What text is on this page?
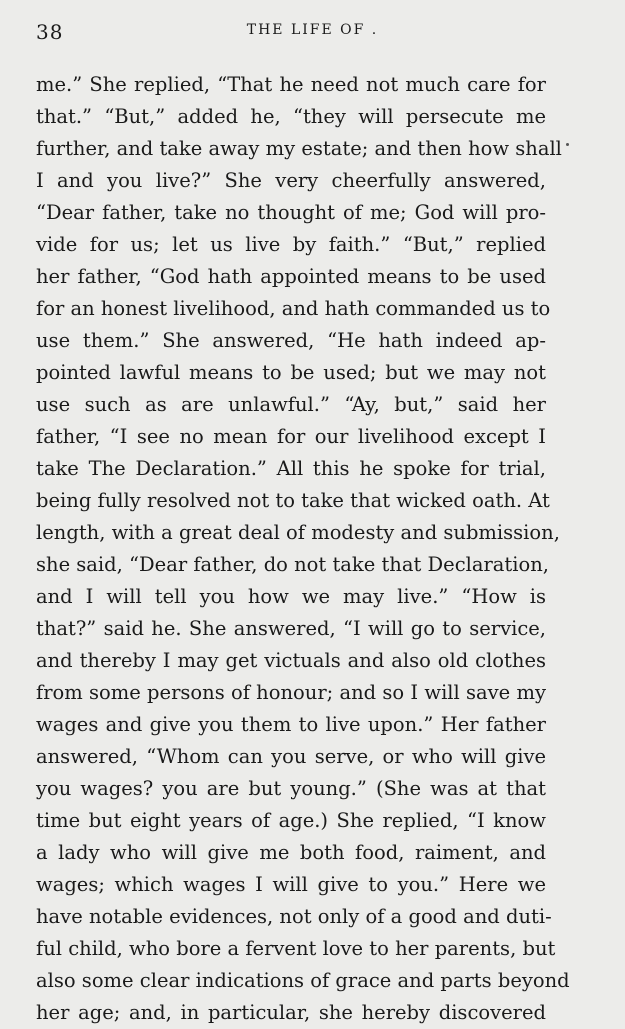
38	THE LIFE OF .
me.” She replied, “That he need not much care for
that.” “But,” added he, “they will persecute me
further, and take away my estate; and then how shall
I and you live?” She very cheerfully answered,
“Dear father, take no thought of me; God will pro-
vide for us; let us live by faith.” “But,” replied
her father, “God hath appointed means to be used
for an honest livelihood, and hath commanded us to
use them.” She answered, “He hath indeed ap-
pointed lawful means to be used; but we may not
use such as are unlawful.” “Ay, but,” said her
father, “I see no mean for our livelihood except I
take The Declaration.” All this he spoke for trial,
being fully resolved not to take that wicked oath. At
length, with a great deal of modesty and submission,
she said, “Dear father, do not take that Declaration,
and I will tell you how we may live.” “How is
that?” said he. She answered, “I will go to service,
and thereby I may get victuals and also old clothes
from some persons of honour; and so I will save my
wages and give you them to live upon.” Her father
answered, “Whom can you serve, or who will give
you wages? you are but young.” (She was at that
time but eight years of age.) She replied, “I know
a lady who will give me both food, raiment, and
wages; which wages I will give to you.” Here we
have notable evidences, not only of a good and duti-
ful child, who bore a fervent love to her parents, but
also some clear indications of grace and parts beyond
her age; and, in particular, she hereby discovered
